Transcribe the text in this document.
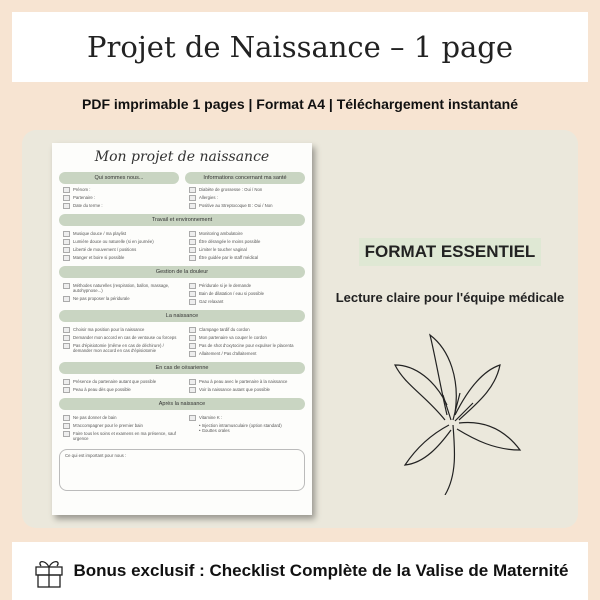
Projet de Naissance – 1 page
PDF imprimable 1 pages | Format A4 | Téléchargement instantané
Mon projet de naissance
Qui sommes nous...
Prénom :
Partenaire :
Date du terme :
Informations concernant ma santé
Diabète de grossesse : Oui / Non
Allergies :
Positive au Streptocoque B : Oui / Non
Travail et environnement
Musique douce / ma playlist
Lumière douce ou naturelle (si en journée)
Liberté de mouvement / positions
Manger et boire si possible
Monitoring ambulatoire
Être dérangée le moins possible
Limiter le toucher vaginal
Être guidée par le staff médical
Gestion de la douleur
Méthodes naturelles (respiration, ballon, massage, autohypnose...)
Ne pas proposer la péridurale
Péridurale si je le demande
Bain de dilatation / eau si possible
Gaz relaxant
La naissance
Choisir ma position pour la naissance
Demander mon accord en cas de ventouse ou forceps
Pas d'épisiotomie (même en cas de déchirure) / demander mon accord en cas d'épisiotomie
Clampage tardif du cordon
Mon partenaire va couper le cordon
Pas de shot d'oxytocine pour expulser le placenta
Allaitement / Pas d'allaitement
En cas de césarienne
Présence du partenaire autant que possible
Peau à peau dès que possible
Peau à peau avec le partenaire à la naissance
Voir la naissance autant que possible
Après la naissance
Ne pas donner de bain
M'accompagner pour le premier bain
Faire tous les soins et examens en ma présence, sauf urgence
Vitamine K :
• Injection intramusculaire (option standard)
• Gouttes orales
Ce qui est important pour nous :
FORMAT ESSENTIEL
Lecture claire pour l'équipe médicale
Bonus exclusif : Checklist Complète de la Valise de Maternité
